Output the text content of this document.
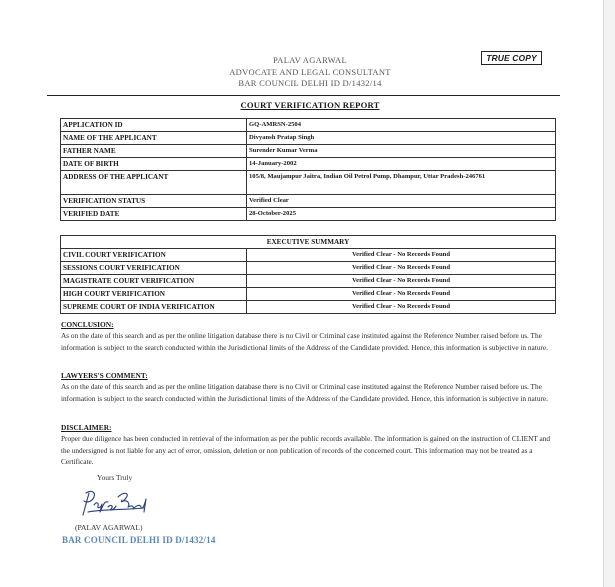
TRUE COPY
PALAV AGARWAL
ADVOCATE AND LEGAL CONSULTANT
BAR COUNCIL DELHI ID D/1432/14
COURT VERIFICATION REPORT
APPLICATION ID	GQ-AMRSN-2504
NAME OF THE APPLICANT	Divyansh Pratap Singh
FATHER NAME	Surender Kumar Verma
DATE OF BIRTH	14-January-2002
ADDRESS OF THE APPLICANT	105/8, Maujampur Jaitra, Indian Oil Petrol Pump, Dhampur, Uttar Pradesh-246761
VERIFICATION STATUS	Verified Clear
VERIFIED DATE	28-October-2025
EXECUTIVE SUMMARY	
CIVIL COURT VERIFICATION	Verified Clear - No Records Found
SESSIONS COURT VERIFICATION	Verified Clear - No Records Found
MAGISTRATE COURT VERIFICATION	Verified Clear - No Records Found
HIGH COURT VERIFICATION	Verified Clear - No Records Found
SUPREME COURT OF INDIA VERIFICATION	Verified Clear - No Records Found
CONCLUSION:
As on the date of this search and as per the online litigation database there is no Civil or Criminal case instituted against the Reference Number raised before us. The information is subject to the search conducted within the Jurisdictional limits of the Address of the Candidate provided. Hence, this information is subjective in nature.
LAWYERS'S COMMENT:
As on the date of this search and as per the online litigation database there is no Civil or Criminal case instituted against the Reference Number raised before us. The information is subject to the search conducted within the Jurisdictional limits of the Address of the Candidate provided. Hence, this information is subjective in nature.
DISCLAIMER:
Proper due diligence has been conducted in retrieval of the information as per the public records available. The information is gained on the instruction of CLIENT and the undersigned is not liable for any act of error, omission, deletion or non publication of records of the concerned court. This information may not be treated as a Certificate.
Yours Truly
(PALAV AGARWAL)
BAR COUNCIL DELHI ID D/1432/14
